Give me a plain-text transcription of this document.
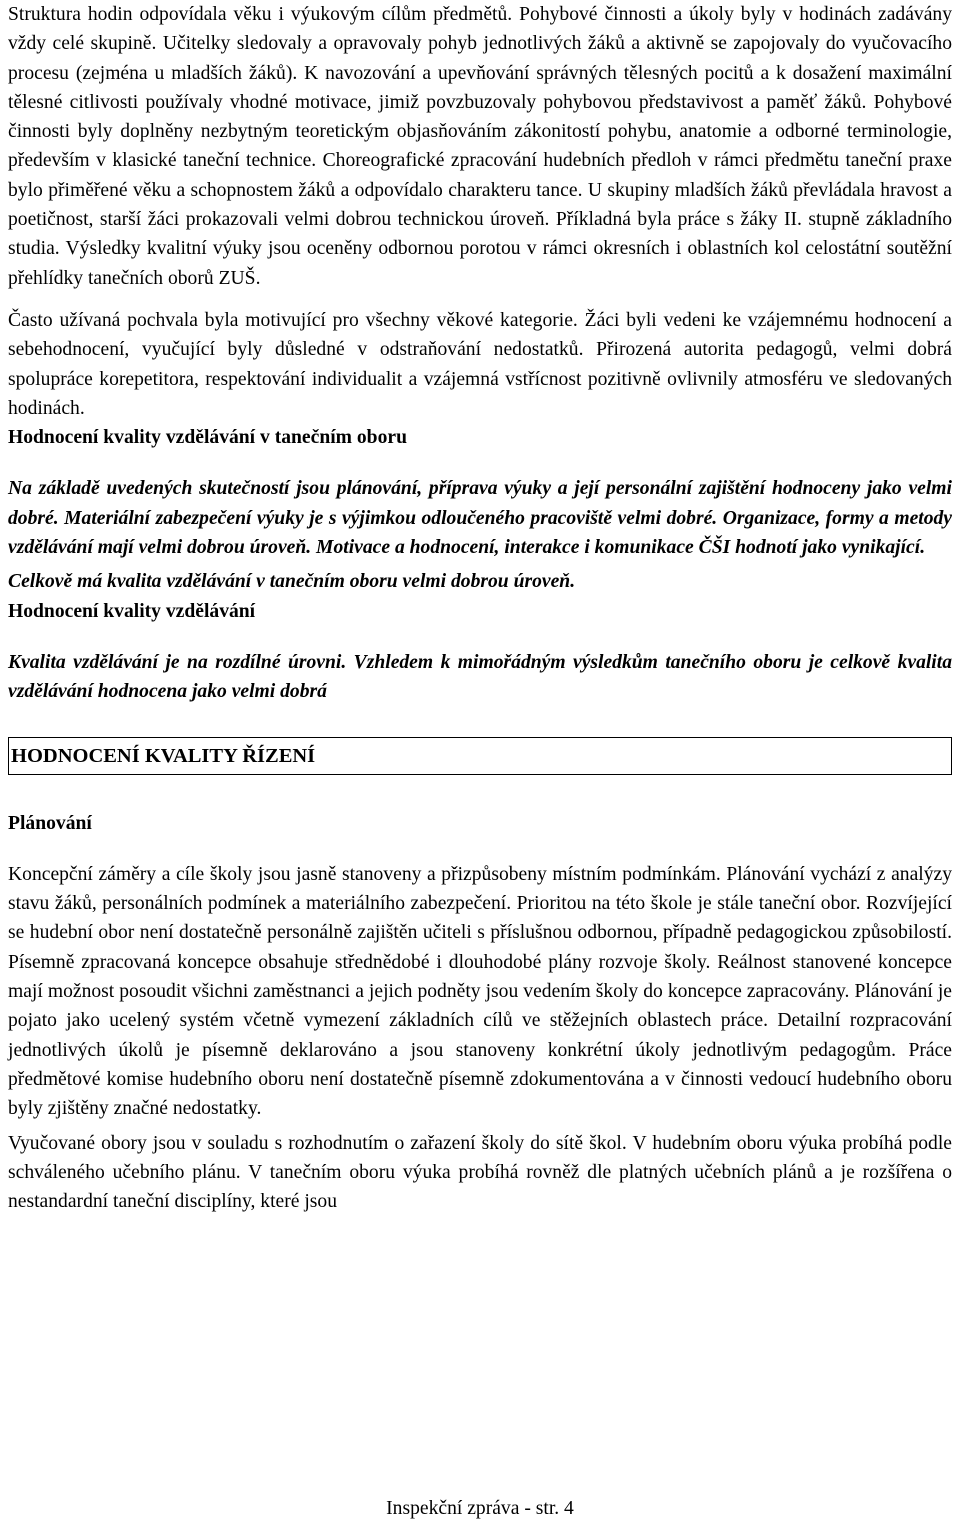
Struktura hodin odpovídala věku i výukovým cílům předmětů. Pohybové činnosti a úkoly byly v hodinách zadávány vždy celé skupině. Učitelky sledovaly a opravovaly pohyb jednotlivých žáků a aktivně se zapojovaly do vyučovacího procesu (zejména u mladších žáků). K navozování a upevňování správných tělesných pocitů a k dosažení maximální tělesné citlivosti používaly vhodné motivace, jimiž povzbuzovaly pohybovou představivost a paměť žáků. Pohybové činnosti byly doplněny nezbytným teoretickým objasňováním zákonitostí pohybu, anatomie a odborné terminologie, především v klasické taneční technice. Choreografické zpracování hudebních předloh v rámci předmětu taneční praxe bylo přiměřené věku a schopnostem žáků a odpovídalo charakteru tance. U skupiny mladších žáků převládala hravost a poetičnost, starší žáci prokazovali velmi dobrou technickou úroveň. Příkladná byla práce s žáky II. stupně základního studia. Výsledky kvalitní výuky jsou oceněny odbornou porotou v rámci okresních i oblastních kol celostátní soutěžní přehlídky tanečních oborů ZUŠ.

Často užívaná pochvala byla motivující pro všechny věkové kategorie. Žáci byli vedeni ke vzájemnému hodnocení a sebehodnocení, vyučující byly důsledné v odstraňování nedostatků. Přirozená autorita pedagogů, velmi dobrá spolupráce korepetitora, respektování individualit a vzájemná vstřícnost pozitivně ovlivnily atmosféru ve sledovaných hodinách.

Hodnocení kvality vzdělávání v tanečním oboru

Na základě uvedených skutečností jsou plánování, příprava výuky a její personální zajištění hodnoceny jako velmi dobré. Materiální zabezpečení výuky je s výjimkou odloučeného pracoviště velmi dobré. Organizace, formy a metody vzdělávání mají velmi dobrou úroveň. Motivace a hodnocení, interakce i komunikace ČŠI hodnotí jako vynikající.

Celkově má kvalita vzdělávání v tanečním oboru velmi dobrou úroveň.

Hodnocení kvality vzdělávání

Kvalita vzdělávání je na rozdílné úrovni. Vzhledem k mimořádným výsledkům tanečního oboru je celkově kvalita vzdělávání hodnocena jako velmi dobrá

HODNOCENÍ KVALITY ŘÍZENÍ

Plánování

Koncepční záměry a cíle školy jsou jasně stanoveny a přizpůsobeny místním podmínkám. Plánování vychází z analýzy stavu žáků, personálních podmínek a materiálního zabezpečení. Prioritou na této škole je stále taneční obor. Rozvíjející se hudební obor není dostatečně personálně zajištěn učiteli s příslušnou odbornou, případně pedagogickou způsobilostí. Písemně zpracovaná koncepce obsahuje střednědobé i dlouhodobé plány rozvoje školy. Reálnost stanovené koncepce mají možnost posoudit všichni zaměstnanci a jejich podněty jsou vedením školy do koncepce zapracovány. Plánování je pojato jako ucelený systém včetně vymezení základních cílů ve stěžejních oblastech práce. Detailní rozpracování jednotlivých úkolů je písemně deklarováno a jsou stanoveny konkrétní úkoly jednotlivým pedagogům. Práce předmětové komise hudebního oboru není dostatečně písemně zdokumentována a v činnosti vedoucí hudebního oboru byly zjištěny značné nedostatky.

Vyučované obory jsou v souladu s rozhodnutím o zařazení školy do sítě škol. V hudebním oboru výuka probíhá podle schváleného učebního plánu. V tanečním oboru výuka probíhá rovněž dle platných učebních plánů a je rozšířena o nestandardní taneční disciplíny, které jsou

Inspekční zpráva - str. 4
